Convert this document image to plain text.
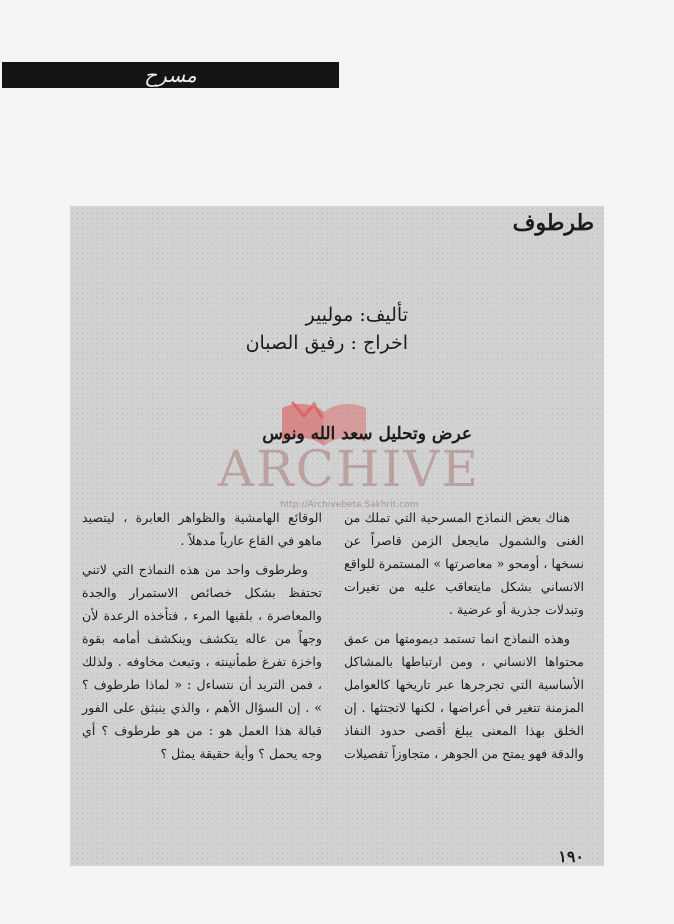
مسرح
طرطوف
تأليف: موليير
اخراج : رفيق الصبان
ARCHIVE
http://Archivebeta.Sakhrit.com
عرض وتحليل سعد الله ونوس

هناك بعض النماذج المسرحية التي تملك من الغنى والشمول مايجعل الزمن قاصراً عن نسخها ، أومحو « معاصرتها » المستمرة للواقع الانساني بشكل مايتعاقب عليه من تغيرات وتبدلات جذرية أو عرضية .

وهذه النماذج انما تستمد ديمومتها من عمق محتواها الانساني ، ومن ارتباطها بالمشاكل الأساسية التي تجرجرها عبر تاريخها كالعوامل المزمنة تتغير في أعراضها ، لكنها لاتجتثها . إن الخلق بهذا المعنى يبلغ أقصى حدود النفاذ والدقة فهو يمتح من الجوهر ، متجاوزاً تفصيلات

الوقائع الهامشية والظواهر العابرة ، ليتصيد ماهو في القاع عارياً مدهلاً .

وطرطوف واحد من هذه النماذج التي لاتني تحتفظ بشكل خصائص الاستمرار والجدة والمعاصرة ، بلقيها المرء ، فتأخذه الرعدة لأن وجهاً من عاله يتكشف وينكشف أمامه بقوة واخزة تفرغ طمأنينته ، وتبعث مخاوفه . ولذلك ، فمن التريد أن نتساءل : « لماذا طرطوف ؟ » . إن السؤال الأهم ، والذي ينبثق على الفور قبالة هذا العمل هو : من هو طرطوف ؟ أي وجه يحمل ؟ وأية حقيقة يمثل ؟

١٩٠
